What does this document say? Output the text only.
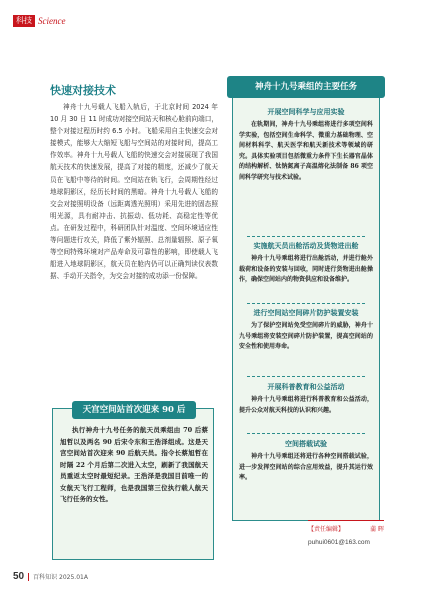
科技 Science
快速对接技术

神舟十九号载人飞船入轨后，于北京时间 2024 年 10 月 30 日 11 时成功对接空间站天和核心舱前向端口，整个对接过程历时约 6.5 小时。飞船采用自主快速交会对接模式，能够大大缩短飞船与空间站的对接时间，提高工作效率。神舟十九号载人飞船的快速交会对接展现了我国航天技术的快速发展，提高了对接的精度，还减少了航天员在飞船中等待的时间。空间站在轨飞行，会周期性经过地球阴影区，经历长时间的黑暗。神舟十九号载人飞船的交会对接照明设备（远距离透光照明）采用先进的固态照明光源，具有耐冲击、抗振动、低功耗、高稳定性等优点。在研发过程中，科研团队针对温度、空间环境适应性等问题进行攻关，降低了紫外辐照、总剂量辐照、原子氧等空间特殊环境对产品寿命及可靠性的影响，即使载人飞船进入地球阴影区，航天员在舱内仍可以正确判读仪表数据、手动开关指令，为交会对接的成功添一份保障。

天宫空间站首次迎来 90 后

执行神舟十九号任务的航天员乘组由 70 后蔡旭哲以及两名 90 后宋令东和王浩泽组成。这是天宫空间站首次迎来 90 后航天员。指令长蔡旭哲在时隔 22 个月后第二次进入太空，刷新了我国航天员重返太空时最短纪录。王浩泽是我国目前唯一的女航天飞行工程师，也是我国第三位执行载人航天飞行任务的女性。

神舟十九号乘组的主要任务

开展空间科学与应用实验

在轨期间，神舟十九号乘组将进行多项空间科学实验，包括空间生命科学、微重力基础物理、空间材料科学、航天医学和航天新技术等领域的研究。具体实验项目包括微重力条件下生长器官晶体的结构解析、钛钠氮离子高温熔化法制备 86 项空间科学研究与技术试验。

实施航天员出舱活动及货物进出舱

神舟十九号乘组将进行出舱活动，并进行舱外载荷和设备的安装与回收，同时进行货物进出舱操作，确保空间站内的物资供应和设备维护。

进行空间站空间碎片防护装置安装

为了保护空间站免受空间碎片的威胁，神舟十九号乘组将安装空间碎片防护装置，提高空间站的安全性和使用寿命。

开展科普教育和公益活动

神舟十九号乘组将进行科普教育和公益活动，提升公众对航天科技的认识和兴趣。

空间搭载试验

神舟十九号乘组还将进行各种空间搭载试验，进一步发挥空间站的综合应用效益，提升其运行效率。

【责任编辑】	蒲 晖
puhui0601@163.com
50 百科知识 2025.01A
